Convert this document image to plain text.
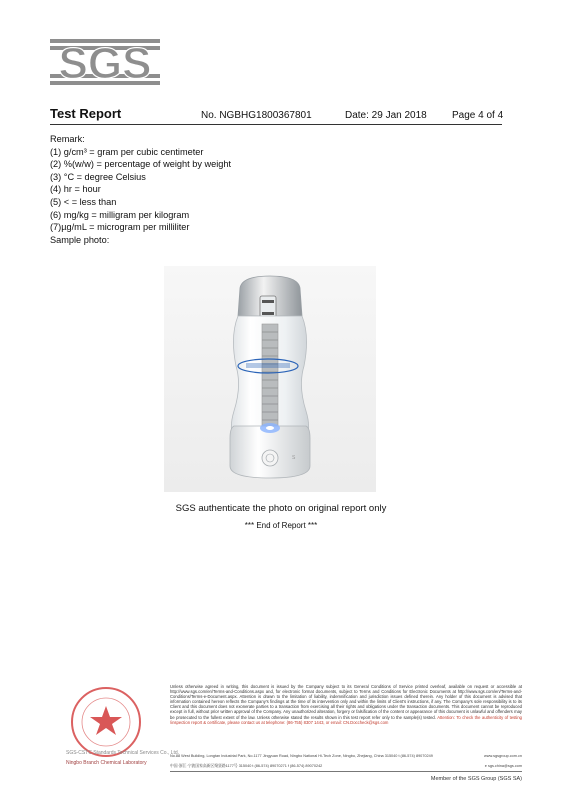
SGS
Test Report	No. NGBHG1800367801	Date: 29 Jan 2018	Page 4 of 4
Remark:
(1) g/cm³ = gram per cubic centimeter
(2) %(w/w) = percentage of weight by weight
(3) °C = degree Celsius
(4) hr = hour
(5) < = less than
(6) mg/kg = milligram per kilogram
(7)µg/mL = microgram per milliliter
Sample photo:
S
SGS authenticate the photo on original report only
*** End of Report ***
SGS-CSTC Standards Technical Services Co., Ltd.
Ningbo Branch Chemical Laboratory
Unless otherwise agreed in writing, this document is issued by the Company subject to its General Conditions of Service printed overleaf, available on request or accessible at http://www.sgs.com/en/Terms-and-Conditions.aspx and, for electronic format documents, subject to Terms and Conditions for Electronic Documents at http://www.sgs.com/en/Terms-and-Conditions/Terms-e-Document.aspx. Attention is drawn to the limitation of liability, indemnification and jurisdiction issues defined therein. Any holder of this document is advised that information contained hereon reflects the Company's findings at the time of its intervention only and within the limits of Client's instructions, if any. The Company's sole responsibility is to its Client and this document does not exonerate parties to a transaction from exercising all their rights and obligations under the transaction documents. This document cannot be reproduced except in full, without prior written approval of the Company. Any unauthorized alteration, forgery or falsification of the content or appearance of this document is unlawful and offenders may be prosecuted to the fullest extent of the law. Unless otherwise stated the results shown in this test report refer only to the sample(s) tested. Attention: To check the authenticity of testing /inspection report & certificate, please contact us at telephone: (86-755) 8307 1443, or email: CN.Doccheck@sgs.com
No.88 West Building, Longtan Industrial Park, No.1177 Jingyuan Road, Ningbo National Hi-Tech Zone, Ningbo, Zhejiang, China 315040 t (86-574) 89070249	www.sgsgroup.com.cn
中国·浙江·宁波国家高新区聚贤路1177号 315040 t (86-574) 89070271 f (86-574) 89070242	e sgs.china@sgs.com
Member of the SGS Group (SGS SA)
